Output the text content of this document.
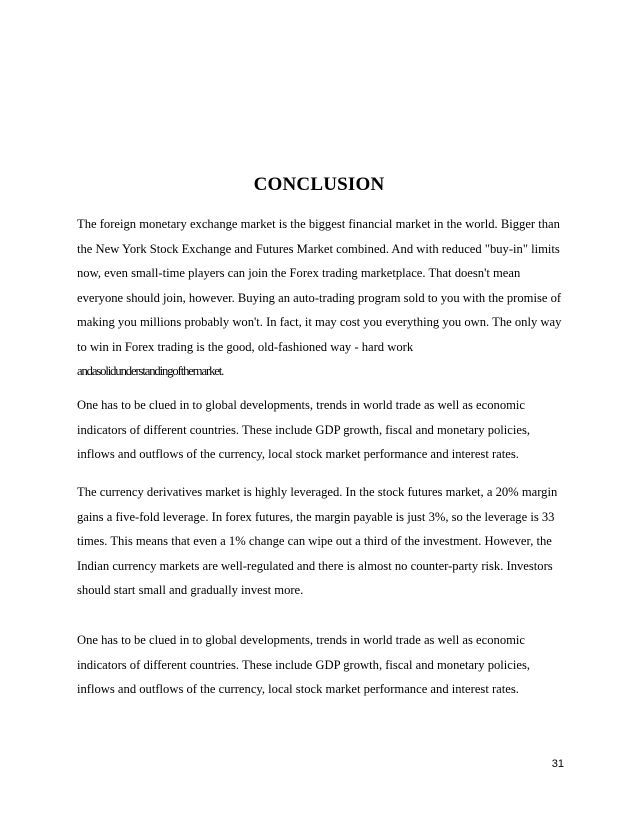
CONCLUSION

The foreign monetary exchange market is the biggest financial market in the world. Bigger than
the New York Stock Exchange and Futures Market combined. And with reduced "buy-in" limits
now, even small-time players can join the Forex trading marketplace. That doesn't mean
everyone should join, however. Buying an auto-trading program sold to you with the promise of
making you millions probably won't. In fact, it may cost you everything you own. The only way
to win in Forex trading is the good, old-fashioned way - hard work
andasolidunderstandingofthemarket.

One has to be clued in to global developments, trends in world trade as well as economic
indicators of different countries. These include GDP growth, fiscal and monetary policies,
inflows and outflows of the currency, local stock market performance and interest rates.

The currency derivatives market is highly leveraged. In the stock futures market, a 20% margin
gains a five-fold leverage. In forex futures, the margin payable is just 3%, so the leverage is 33
times. This means that even a 1% change can wipe out a third of the investment. However, the
Indian currency markets are well-regulated and there is almost no counter-party risk. Investors
should start small and gradually invest more.

One has to be clued in to global developments, trends in world trade as well as economic
indicators of different countries. These include GDP growth, fiscal and monetary policies,
inflows and outflows of the currency, local stock market performance and interest rates.

31
